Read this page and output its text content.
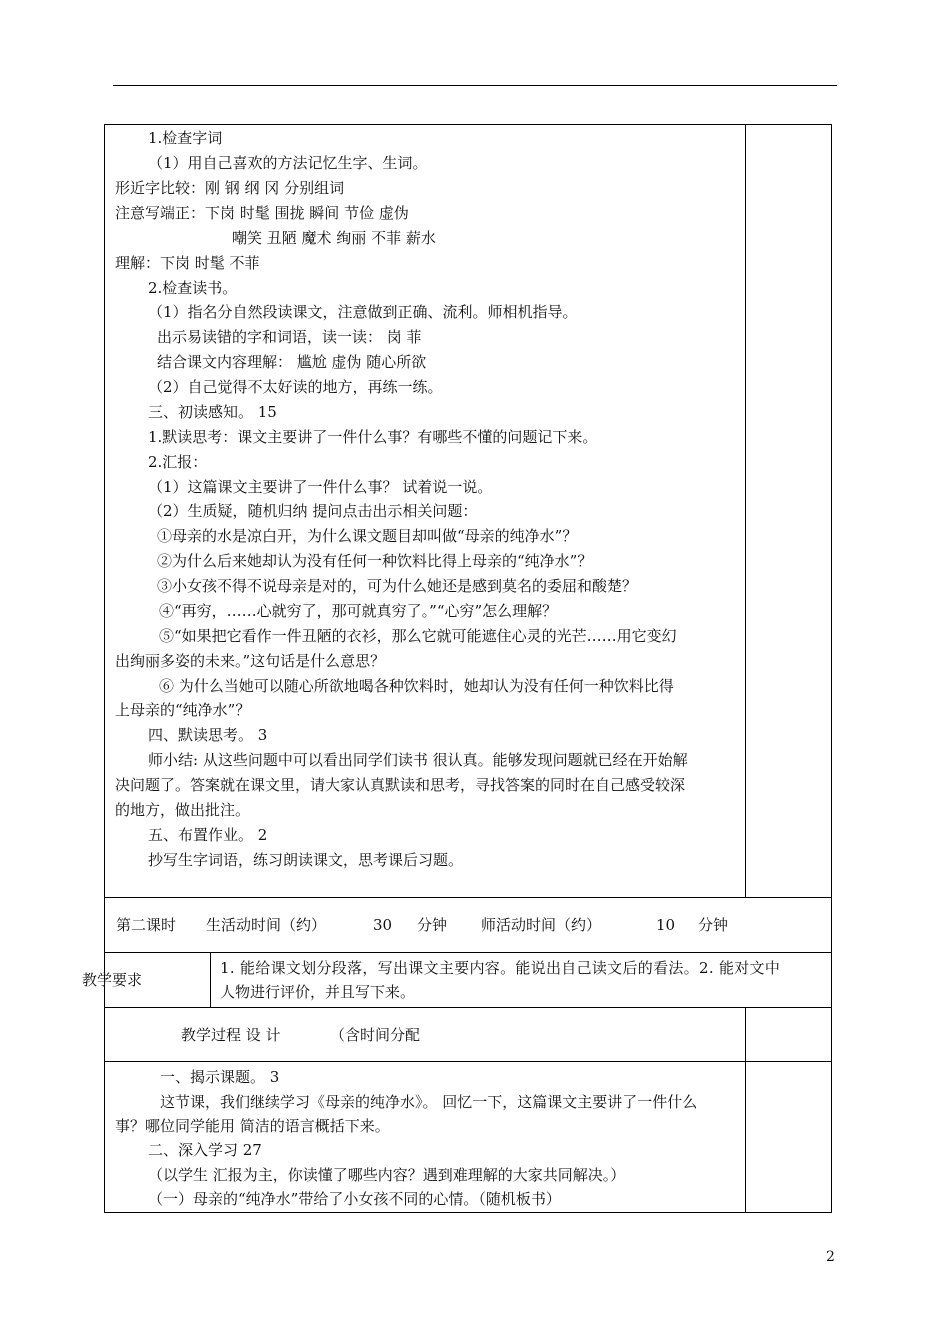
1.检查字词
（1）用自己喜欢的方法记忆生字、生词。
形近字比较：刚 钢 纲 冈 分别组词
注意写端正：下岗 时髦 围拢 瞬间 节俭 虚伪
嘲笑 丑陋 魔术 绚丽 不菲 薪水
理解：下岗 时髦 不菲
2.检查读书。
（1）指名分自然段读课文，注意做到正确、流利。师相机指导。
出示易读错的字和词语，读一读： 岗 菲
结合课文内容理解： 尴尬 虚伪 随心所欲
（2）自己觉得不太好读的地方，再练一练。
三、初读感知。 15
1.默读思考：课文主要讲了一件什么事？有哪些不懂的问题记下来。
2.汇报：
（1）这篇课文主要讲了一件什么事？ 试着说一说。
（2）生质疑，随机归纳 提问点击出示相关问题：
①母亲的水是凉白开，为什么课文题目却叫做“母亲的纯净水”？
②为什么后来她却认为没有任何一种饮料比得上母亲的“纯净水”？
③小女孩不得不说母亲是对的，可为什么她还是感到莫名的委屈和酸楚？
④“再穷，……心就穷了，那可就真穷了。”“心穷”怎么理解？
⑤“如果把它看作一件丑陋的衣衫，那么它就可能遮住心灵的光芒……用它变幻
出绚丽多姿的未来。”这句话是什么意思？
⑥ 为什么当她可以随心所欲地喝各种饮料时，她却认为没有任何一种饮料比得
上母亲的“纯净水”？
四、默读思考。 3
师小结: 从这些问题中可以看出同学们读书 很认真。能够发现问题就已经在开始解
决问题了。答案就在课文里，请大家认真默读和思考，寻找答案的同时在自己感受较深
的地方，做出批注。
五、布置作业。 2
抄写生字词语，练习朗读课文，思考课后习题。
第二课时 生活动时间（约）	30 分钟 师活动时间（约）	10 分钟
教学要求
1. 能给课文划分段落，写出课文主要内容。能说出自己读文后的看法。2. 能对文中
人物进行评价，并且写下来。
教学过程 设 计	（含时间分配
一、揭示课题。 3
这节课，我们继续学习《母亲的纯净水》。 回忆一下，这篇课文主要讲了一件什么
事？哪位同学能用 简洁的语言概括下来。
二、深入学习 27
（以学生 汇报为主，你读懂了哪些内容？遇到难理解的大家共同解决。）
（一）母亲的“纯净水”带给了小女孩不同的心情。（随机板书）
2
